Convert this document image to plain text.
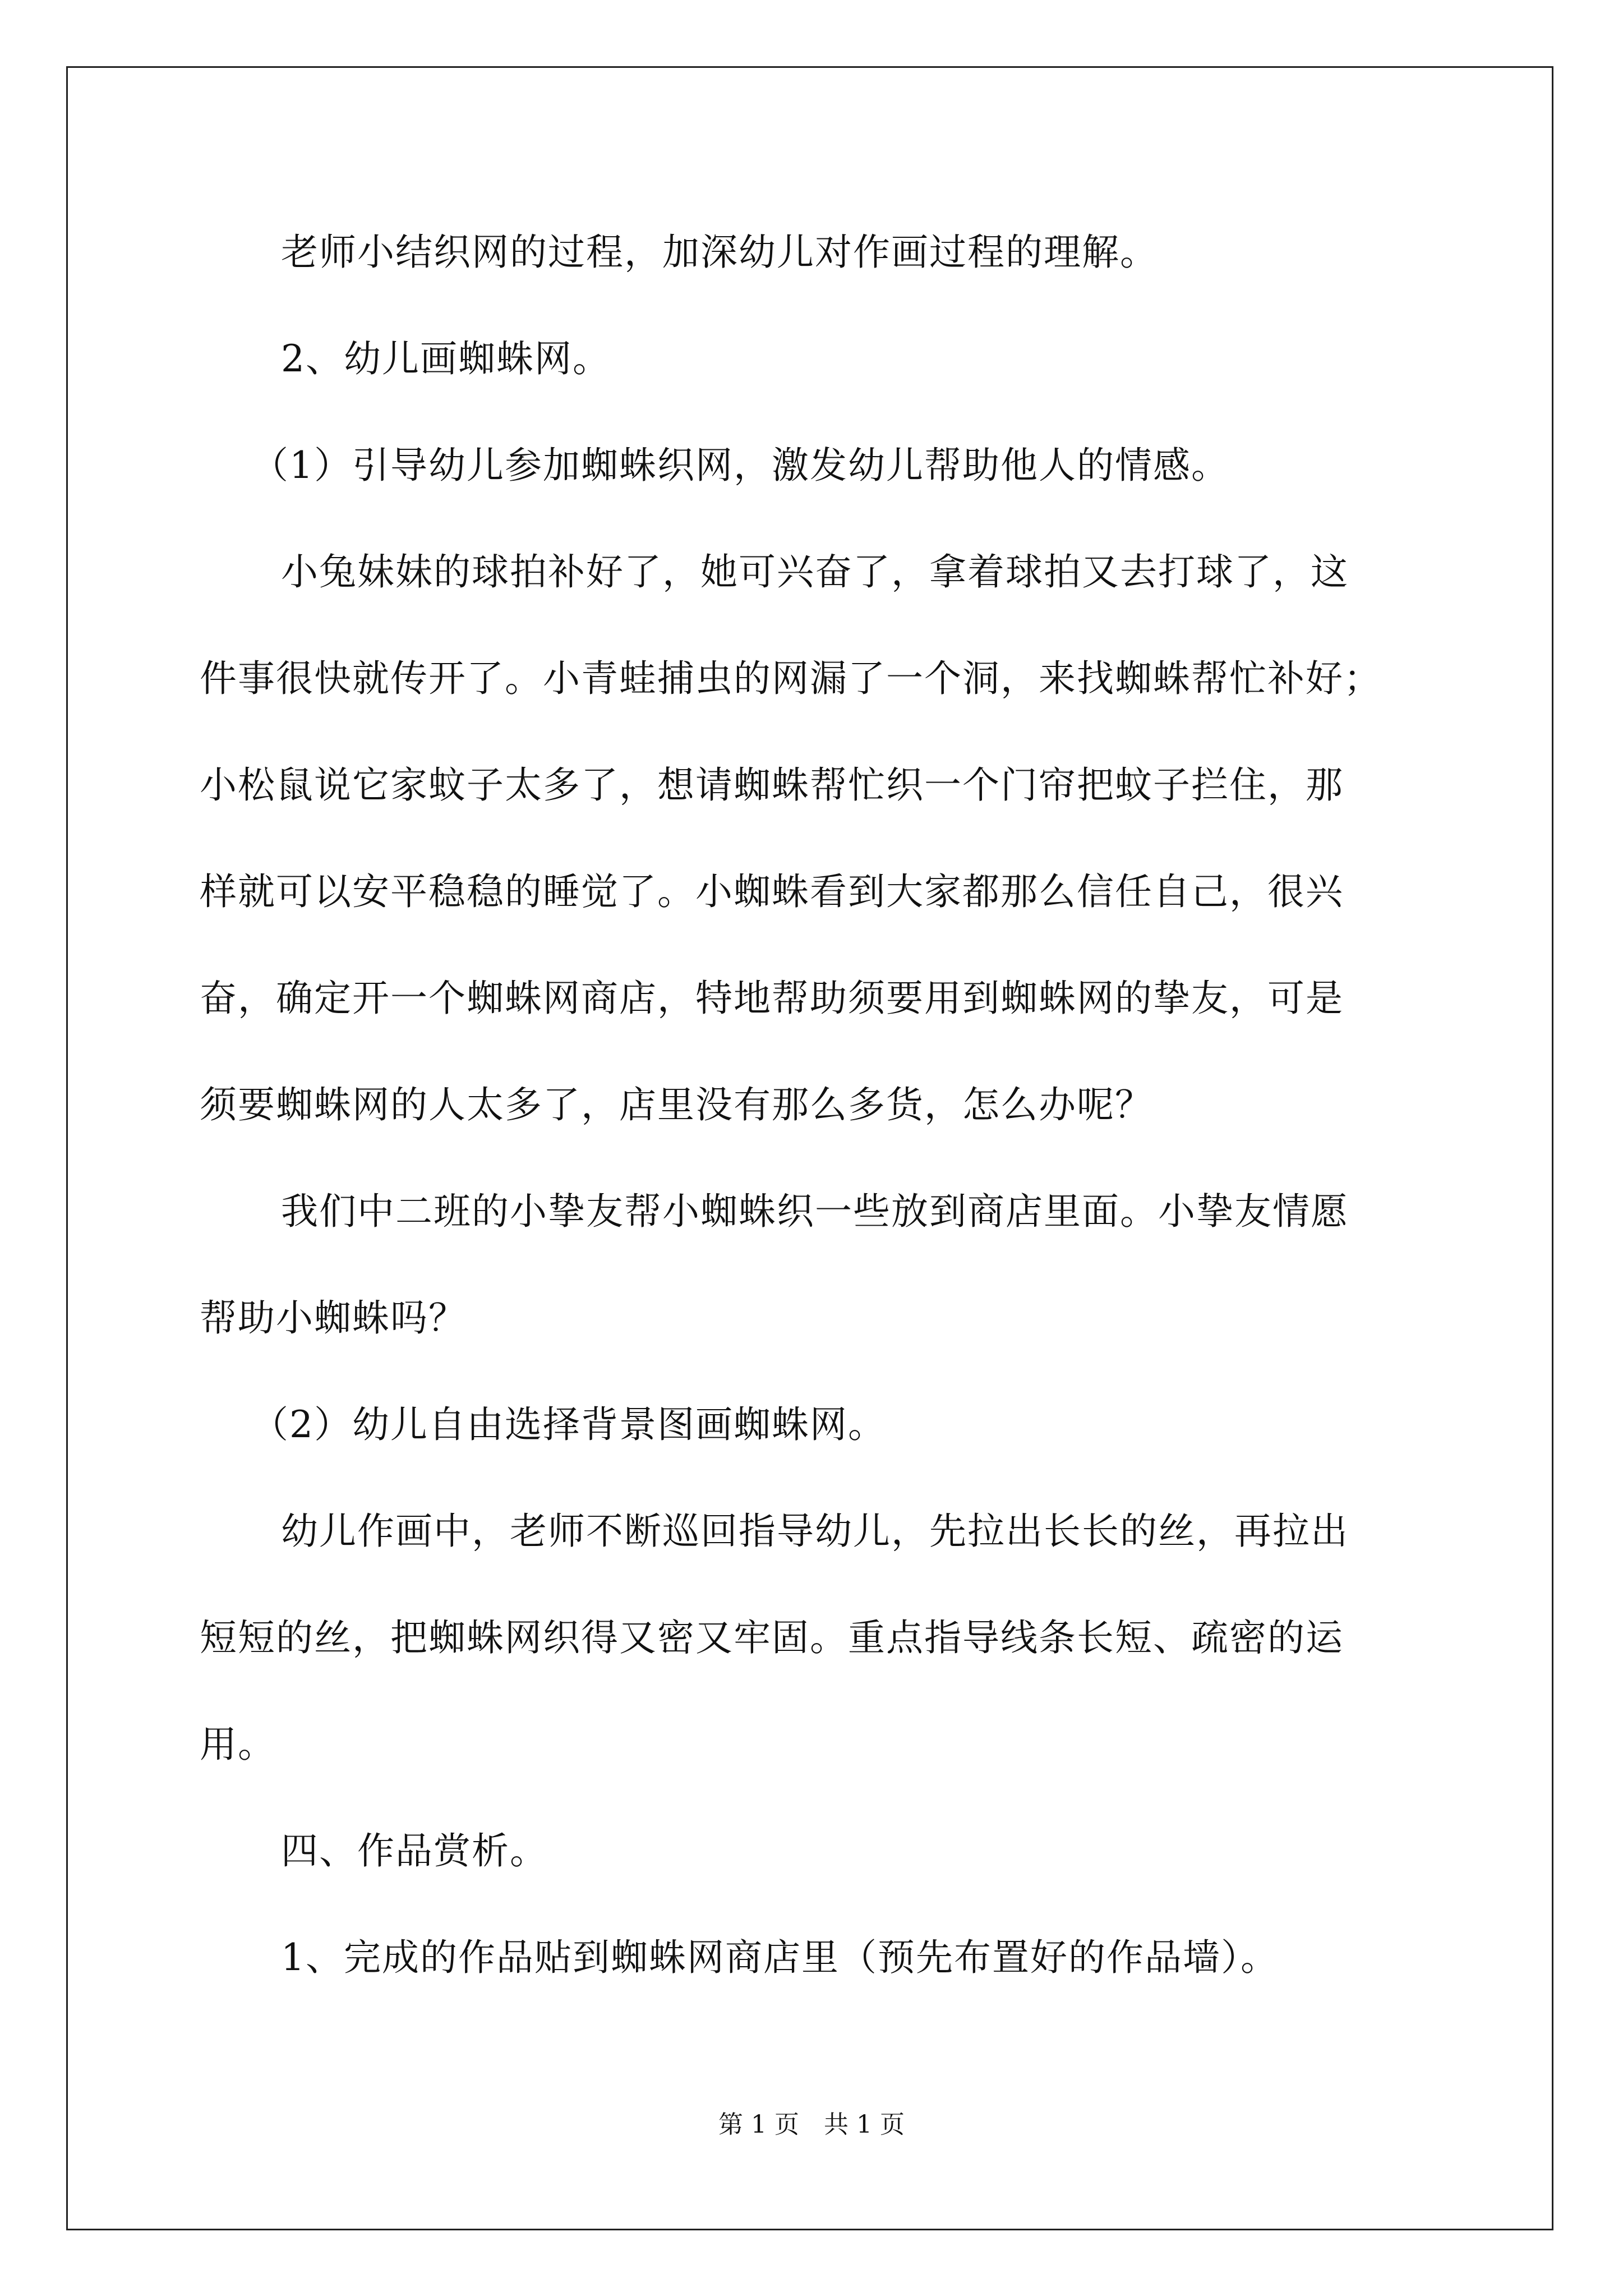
老师小结织网的过程，加深幼儿对作画过程的理解。
2、幼儿画蜘蛛网。
（1）引导幼儿参加蜘蛛织网，激发幼儿帮助他人的情感。
小兔妹妹的球拍补好了，她可兴奋了，拿着球拍又去打球了，这
件事很快就传开了。小青蛙捕虫的网漏了一个洞，来找蜘蛛帮忙补好；
小松鼠说它家蚊子太多了，想请蜘蛛帮忙织一个门帘把蚊子拦住，那
样就可以安平稳稳的睡觉了。小蜘蛛看到大家都那么信任自己，很兴
奋，确定开一个蜘蛛网商店，特地帮助须要用到蜘蛛网的挚友，可是
须要蜘蛛网的人太多了，店里没有那么多货，怎么办呢？
我们中二班的小挚友帮小蜘蛛织一些放到商店里面。小挚友情愿
帮助小蜘蛛吗？
（2）幼儿自由选择背景图画蜘蛛网。
幼儿作画中，老师不断巡回指导幼儿，先拉出长长的丝，再拉出
短短的丝，把蜘蛛网织得又密又牢固。重点指导线条长短、疏密的运
用。
四、作品赏析。
1、完成的作品贴到蜘蛛网商店里（预先布置好的作品墙）。
第 1 页　共 1 页
